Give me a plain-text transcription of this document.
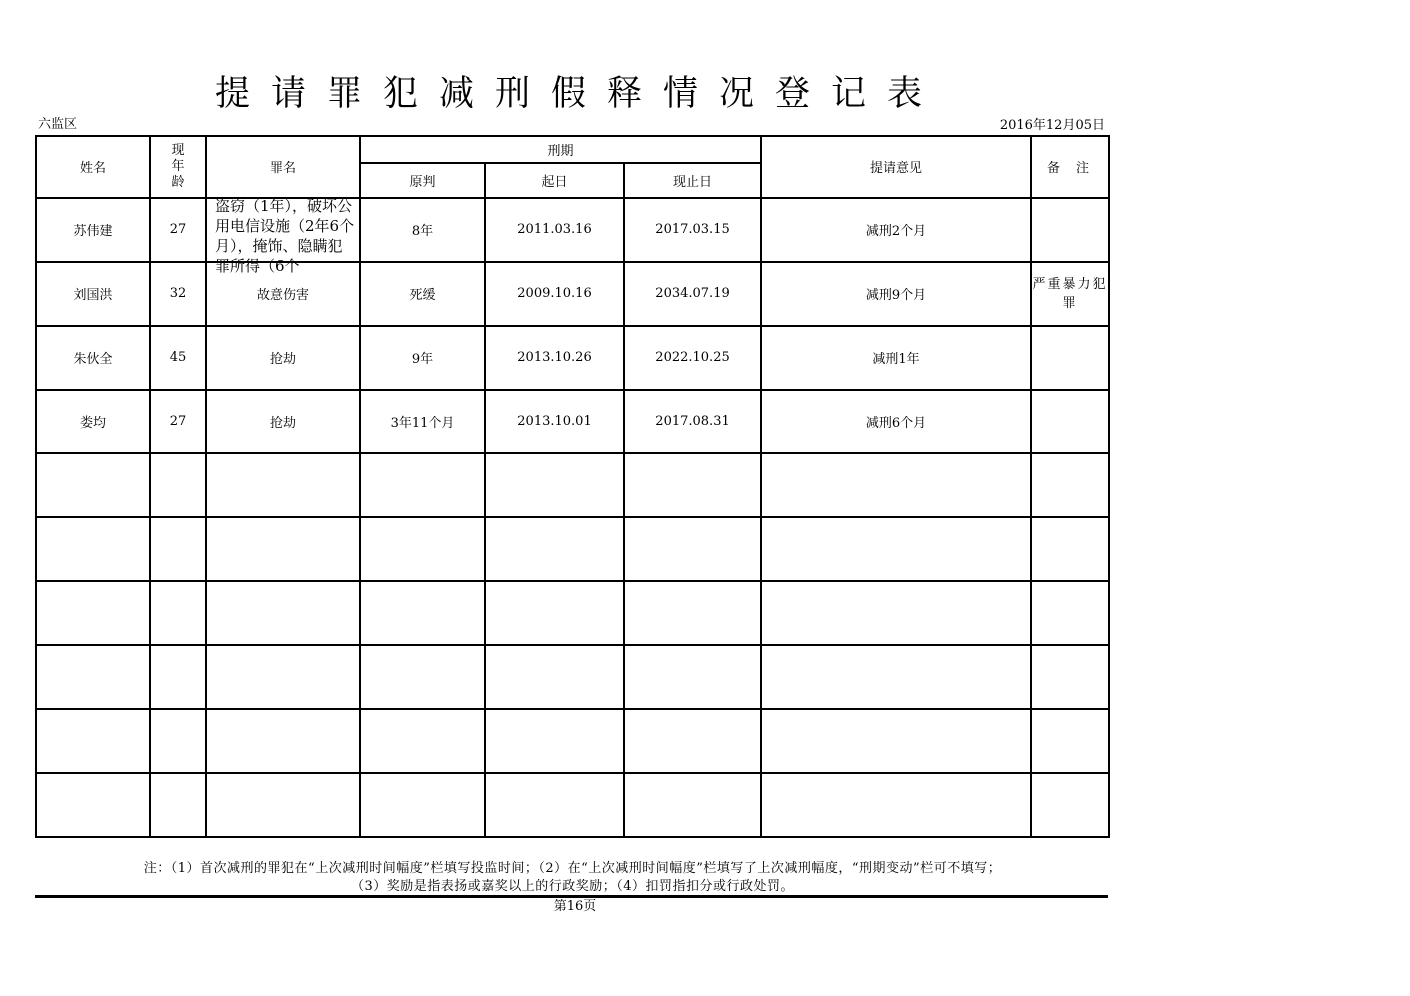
提请罪犯减刑假释情况登记表
六监区	2016年12月05日
姓名	现
年
龄	罪名	刑期			提请意见	备注
			原判	起日	现止日		
苏伟建	27	盗窃（1年），破坏公用电信设施（2年6个月），掩饰、隐瞒犯罪所得（6个	8年	2011.03.16	2017.03.15	减刑2个月	
刘国洪	32	故意伤害	死缓	2009.10.16	2034.07.19	减刑9个月	严重暴力犯罪
朱伙全	45	抢劫	9年	2013.10.26	2022.10.25	减刑1年	
娄均	27	抢劫	3年11个月	2013.10.01	2017.08.31	减刑6个月	

注：（1）首次减刑的罪犯在“上次减刑时间幅度”栏填写投监时间；（2）在“上次减刑时间幅度”栏填写了上次减刑幅度，“刑期变动”栏可不填写；
（3）奖励是指表扬或嘉奖以上的行政奖励；（4）扣罚指扣分或行政处罚。
第16页
